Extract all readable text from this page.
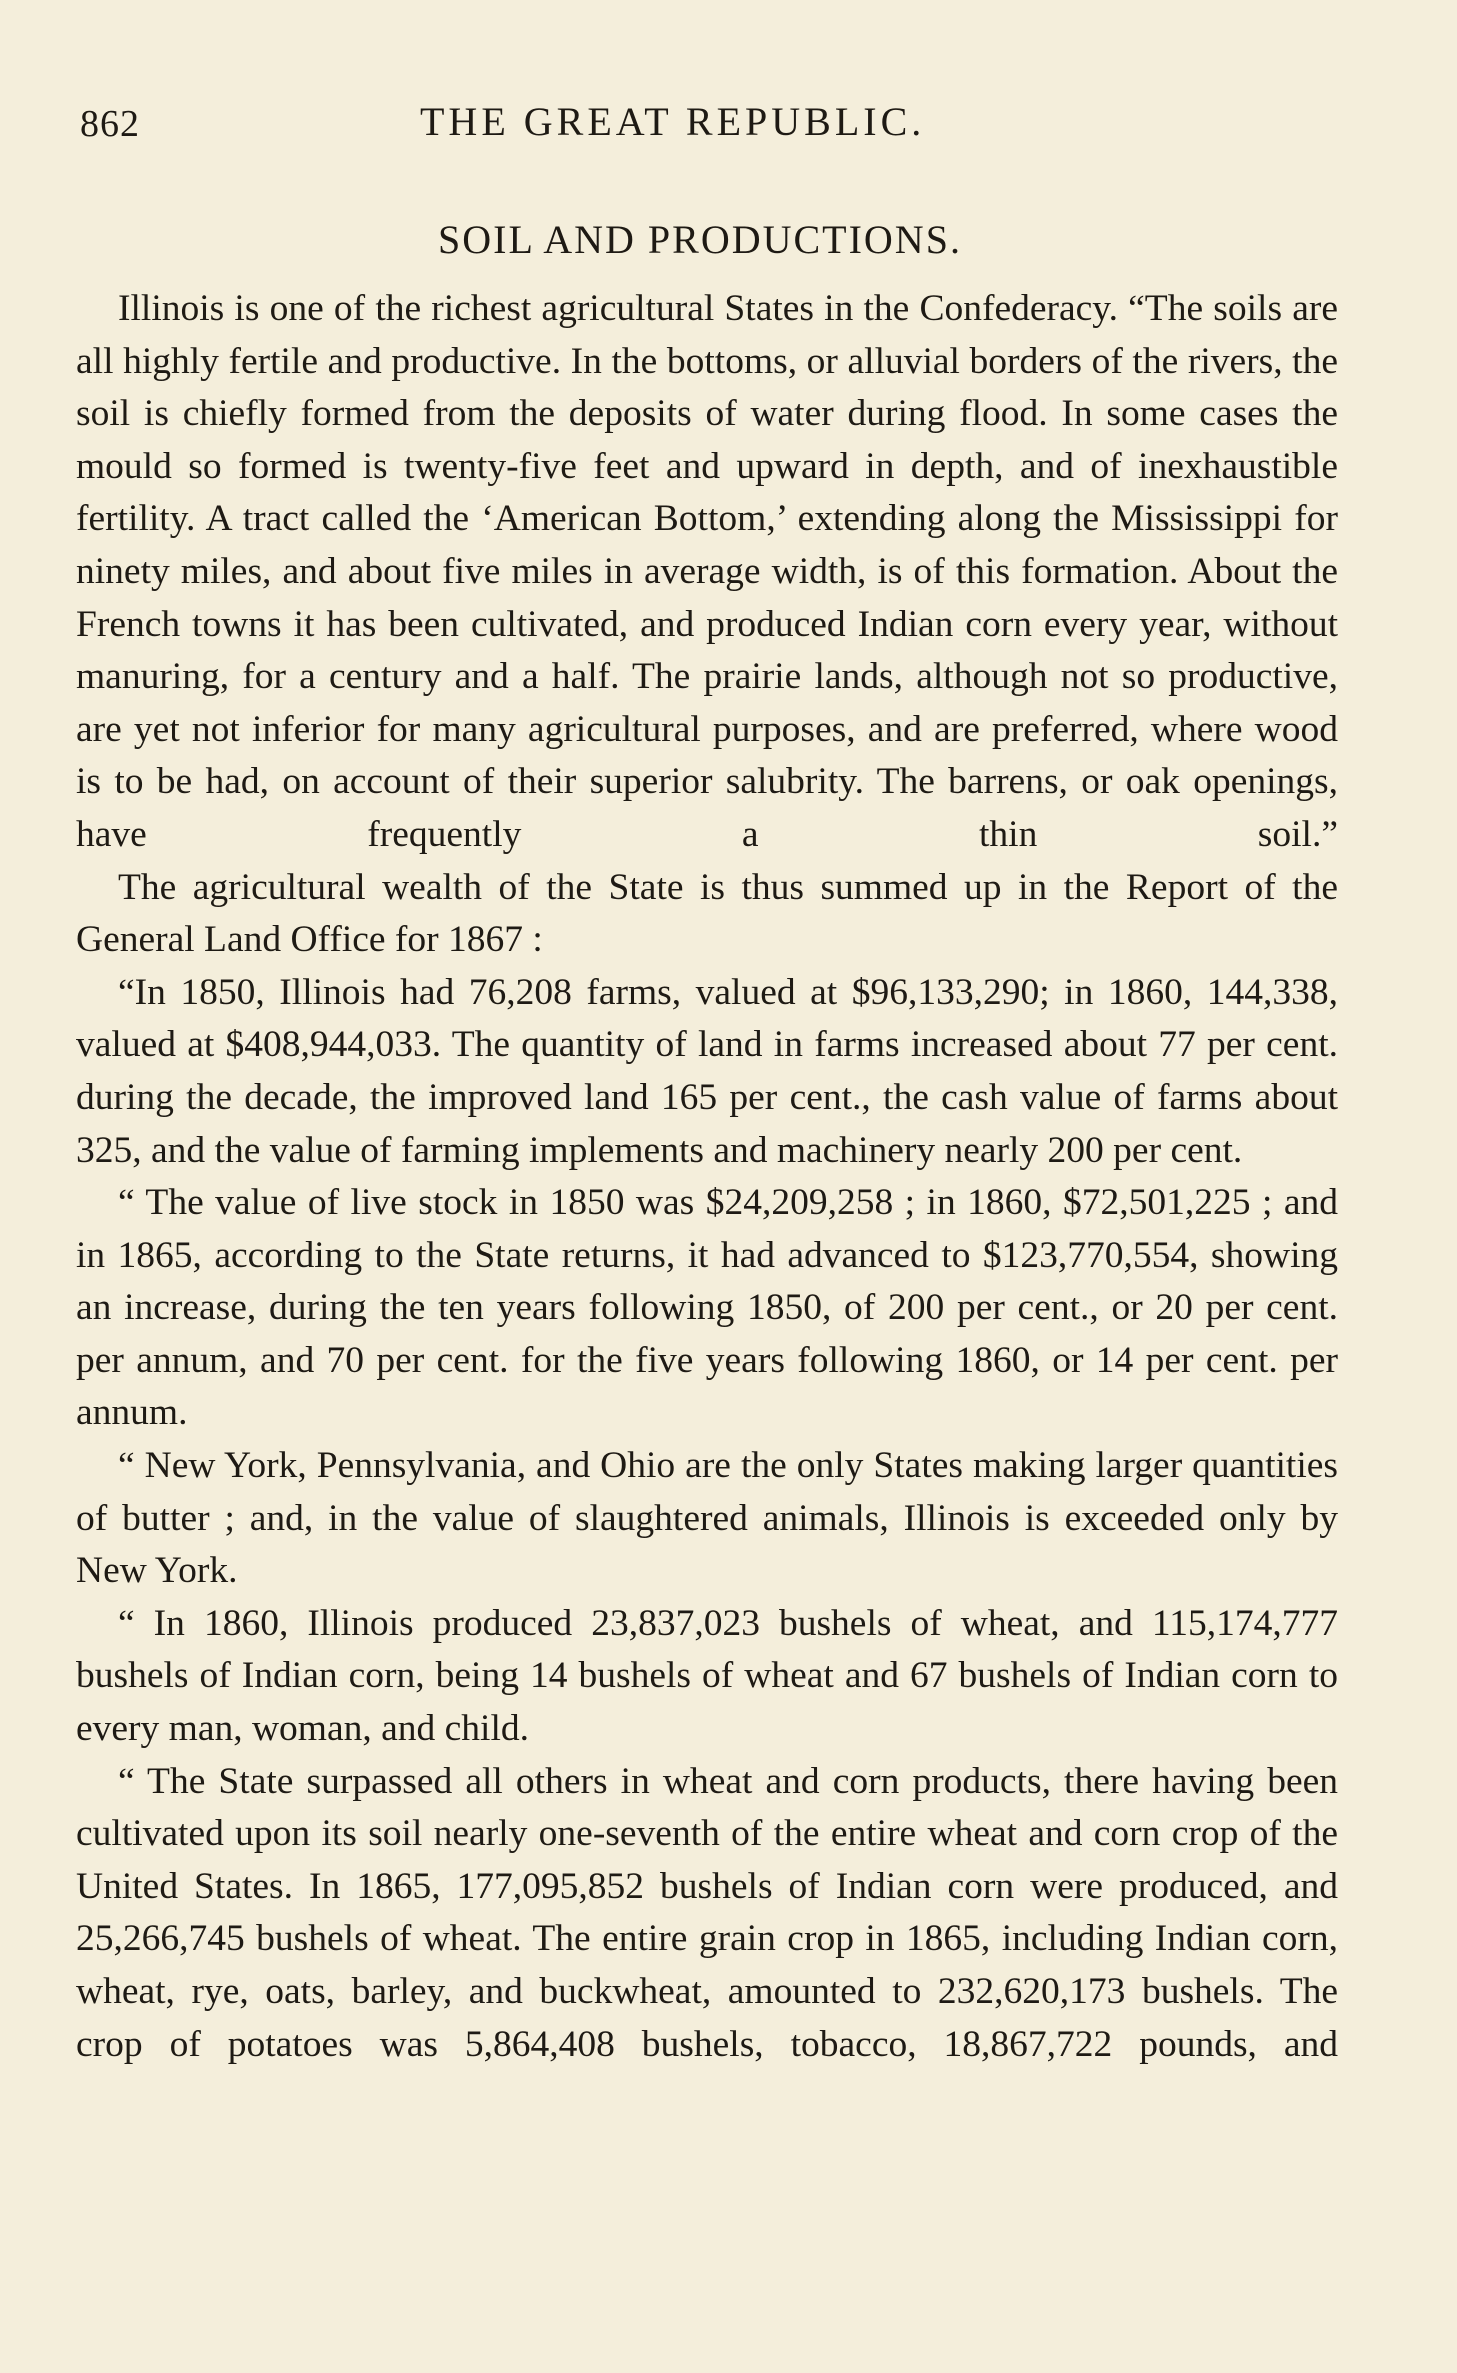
862	THE GREAT REPUBLIC.
SOIL AND PRODUCTIONS.

Illinois is one of the richest agricultural States in the Confederacy. “The soils are all highly fertile and productive. In the bottoms, or alluvial borders of the rivers, the soil is chiefly formed from the deposits of water during flood. In some cases the mould so formed is twenty-five feet and upward in depth, and of inexhaustible fertility. A tract called the ‘American Bottom,’ extending along the Mississippi for ninety miles, and about five miles in average width, is of this formation. About the French towns it has been cultivated, and produced Indian corn every year, without manuring, for a century and a half. The prairie lands, although not so productive, are yet not inferior for many agricultural purposes, and are preferred, where wood is to be had, on account of their superior salubrity. The barrens, or oak openings, have frequently a thin soil.”

The agricultural wealth of the State is thus summed up in the Report of the General Land Office for 1867 :

“In 1850, Illinois had 76,208 farms, valued at $96,133,290; in 1860, 144,338, valued at $408,944,033. The quantity of land in farms increased about 77 per cent. during the decade, the improved land 165 per cent., the cash value of farms about 325, and the value of farming implements and machinery nearly 200 per cent.

“ The value of live stock in 1850 was $24,209,258 ; in 1860, $72,501,225 ; and in 1865, according to the State returns, it had advanced to $123,770,554, showing an increase, during the ten years following 1850, of 200 per cent., or 20 per cent. per annum, and 70 per cent. for the five years following 1860, or 14 per cent. per annum.

“ New York, Pennsylvania, and Ohio are the only States making larger quantities of butter ; and, in the value of slaughtered animals, Illinois is exceeded only by New York.

“ In 1860, Illinois produced 23,837,023 bushels of wheat, and 115,174,777 bushels of Indian corn, being 14 bushels of wheat and 67 bushels of Indian corn to every man, woman, and child.

“ The State surpassed all others in wheat and corn products, there having been cultivated upon its soil nearly one-seventh of the entire wheat and corn crop of the United States. In 1865, 177,095,852 bushels of Indian corn were produced, and 25,266,745 bushels of wheat. The entire grain crop in 1865, including Indian corn, wheat, rye, oats, barley, and buckwheat, amounted to 232,620,173 bushels. The crop of potatoes was 5,864,408 bushels, tobacco, 18,867,722 pounds, and
